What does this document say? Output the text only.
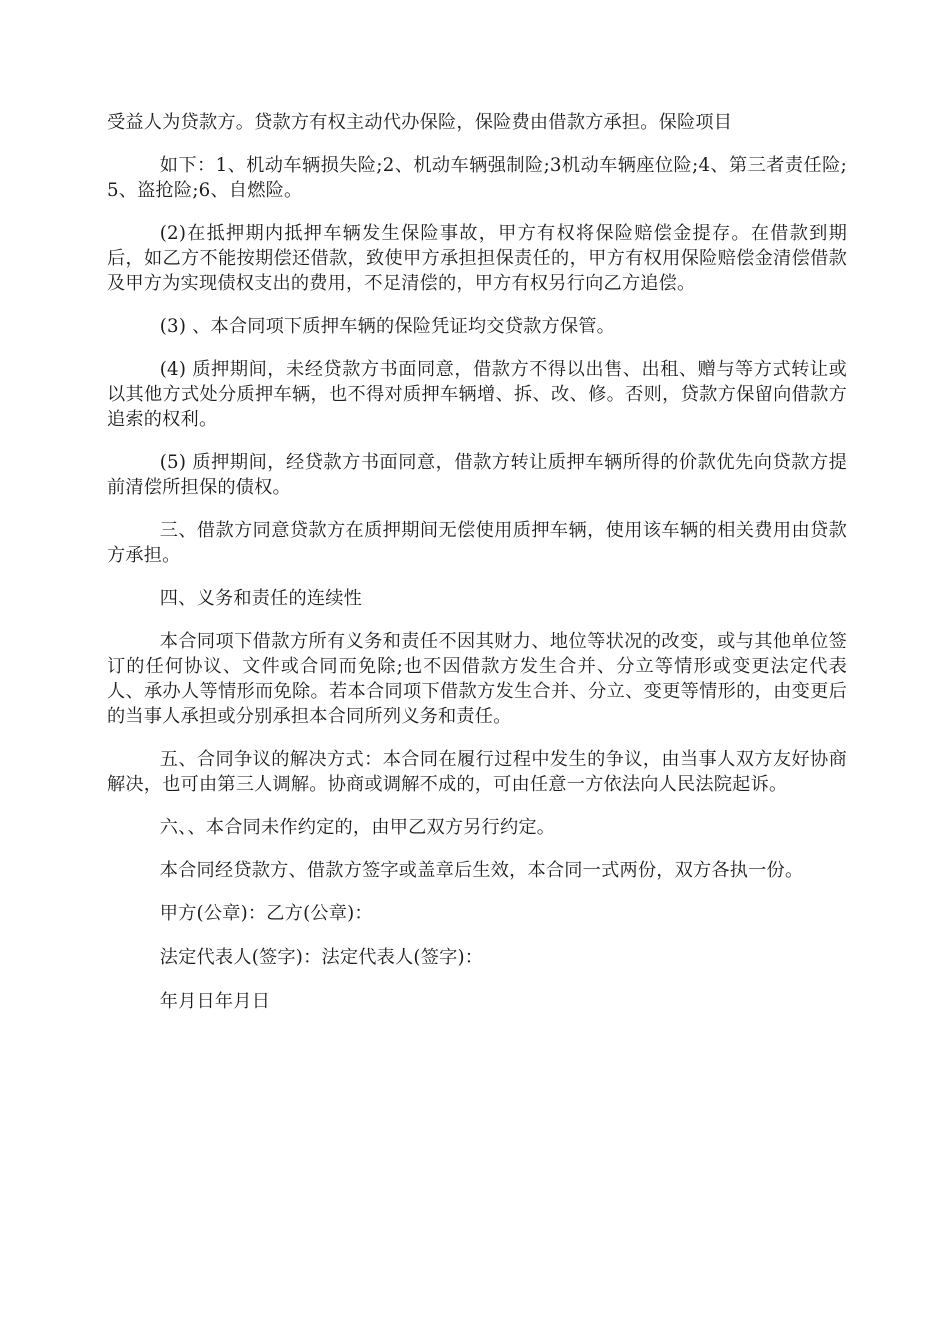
受益人为贷款方。贷款方有权主动代办保险，保险费由借款方承担。保险项目

如下：1、机动车辆损失险;2、机动车辆强制险;3机动车辆座位险;4、第三者责任险;5、盗抢险;6、自燃险。

(2)在抵押期内抵押车辆发生保险事故，甲方有权将保险赔偿金提存。在借款到期后，如乙方不能按期偿还借款，致使甲方承担担保责任的，甲方有权用保险赔偿金清偿借款及甲方为实现债权支出的费用，不足清偿的，甲方有权另行向乙方追偿。

(3) 、本合同项下质押车辆的保险凭证均交贷款方保管。

(4) 质押期间，未经贷款方书面同意，借款方不得以出售、出租、赠与等方式转让或以其他方式处分质押车辆，也不得对质押车辆增、拆、改、修。否则，贷款方保留向借款方追索的权利。

(5) 质押期间，经贷款方书面同意，借款方转让质押车辆所得的价款优先向贷款方提前清偿所担保的债权。

三、借款方同意贷款方在质押期间无偿使用质押车辆，使用该车辆的相关费用由贷款方承担。

四、义务和责任的连续性

本合同项下借款方所有义务和责任不因其财力、地位等状况的改变，或与其他单位签订的任何协议、文件或合同而免除;也不因借款方发生合并、分立等情形或变更法定代表人、承办人等情形而免除。若本合同项下借款方发生合并、分立、变更等情形的，由变更后的当事人承担或分别承担本合同所列义务和责任。

五、合同争议的解决方式：本合同在履行过程中发生的争议，由当事人双方友好协商解决，也可由第三人调解。协商或调解不成的，可由任意一方依法向人民法院起诉。

六、、本合同未作约定的，由甲乙双方另行约定。

本合同经贷款方、借款方签字或盖章后生效，本合同一式两份，双方各执一份。

甲方(公章)：乙方(公章)：

法定代表人(签字)：法定代表人(签字)：

年月日年月日
